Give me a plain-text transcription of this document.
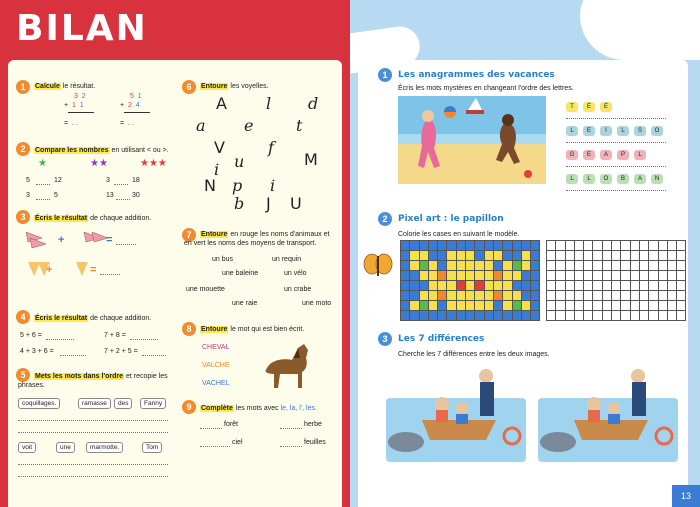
BILAN
1	Calcule le résultat.
3 2
+ 1 1
=  . .
5 1
+ 2 4
=  . .
2	Compare les nombres en utilisant < ou >.
★	★★	★★★
5	12	3	18
3	5	13	30
3	Écris le résultat de chaque addition.
+	=
+	=
4	Écris le résultat de chaque addition.
5 + 6 =	7 + 8 =
4 + 3 + 6 =	7 + 2 + 5 =
5	Mets les mots dans l'ordre et recopie les phrases.
coquillages.	ramasse	des	Fanny
voit	une	marmotte.	Tom
6	Entoure les voyelles.
A l d
a e	t
V	f
M
u
i
N p i
b J U
7	Entoure en rouge les noms d'animaux et en vert les noms des moyens de transport.
un bus	un requin
une baleine	un vélo
une mouette	un crabe
une raie	une moto
8	Entoure le mot qui est bien écrit.
CHEVAL
VALCHE
VACHEL
9	Complète les mots avec le, la, l', les.
forêt	herbe
ciel	feuilles
Jeux
1	Les anagrammes des vacances
Écris les mots mystères en changeant l'ordre des lettres.
T	É	É
L	E	I	L	S	O
G	E	A	P	L
L	L	O	B	A	N
2	Pixel art : le papillon
Colorie les cases en suivant le modèle.

3	Les 7 différences
Cherche les 7 différences entre les deux images.
13
